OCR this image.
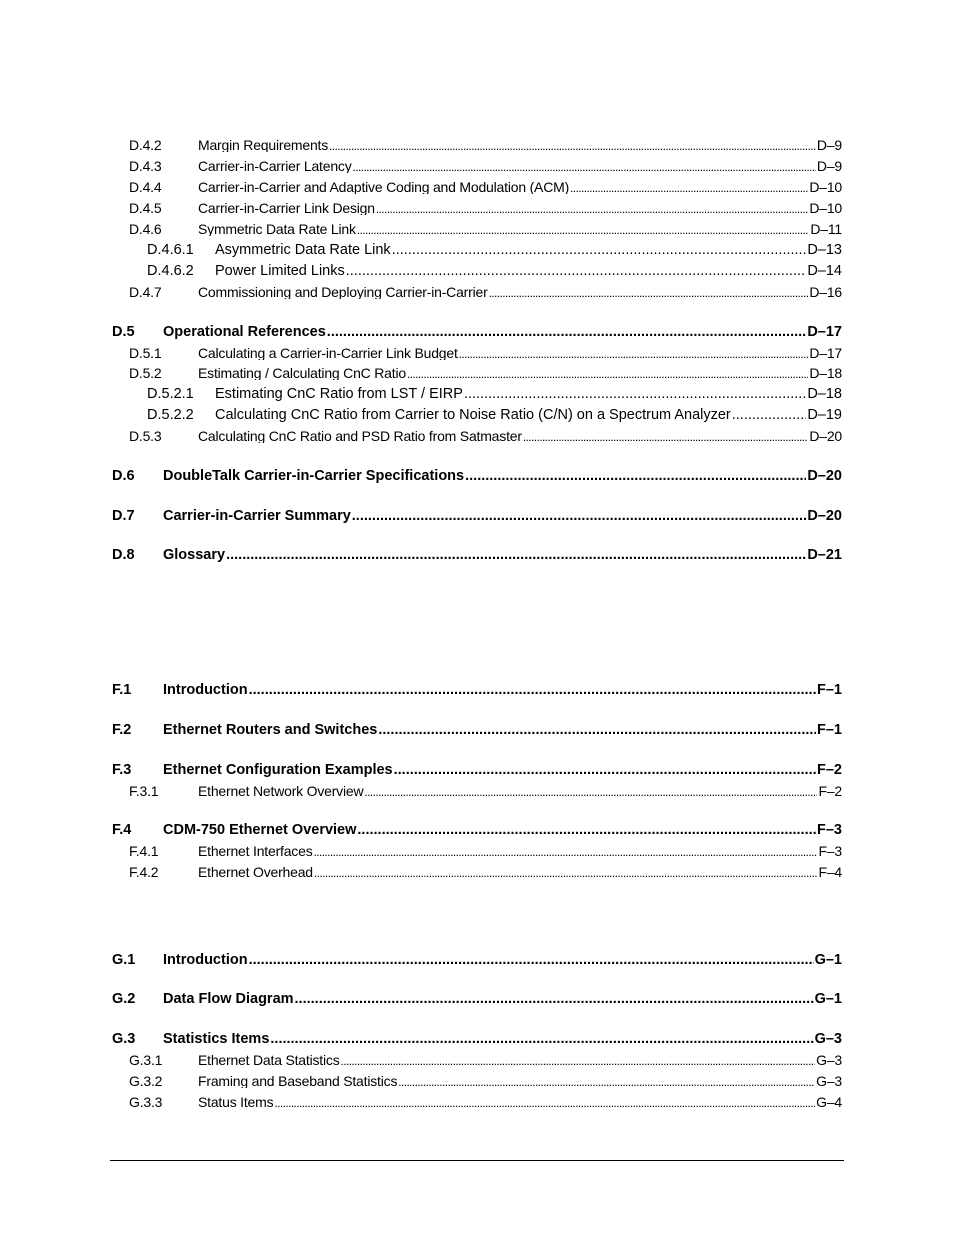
D.4.2	Margin Requirements .....	D–9
D.4.3	Carrier-in-Carrier Latency .....	D–9
D.4.4	Carrier-in-Carrier and Adaptive Coding and Modulation (ACM) .....	D–10
D.4.5	Carrier-in-Carrier Link Design .....	D–10
D.4.6	Symmetric Data Rate Link .....	D–11
D.4.6.1	Asymmetric Data Rate Link .....	D–13
D.4.6.2	Power Limited Links .....	D–14
D.4.7	Commissioning and Deploying Carrier-in-Carrier .....	D–16
D.5	Operational References .....	D–17
D.5.1	Calculating a Carrier-in-Carrier Link Budget .....	D–17
D.5.2	Estimating / Calculating CnC Ratio .....	D–18
D.5.2.1	Estimating CnC Ratio from LST / EIRP .....	D–18
D.5.2.2	Calculating CnC Ratio from Carrier to Noise Ratio (C/N) on a Spectrum Analyzer .....	D–19
D.5.3	Calculating CnC Ratio and PSD Ratio from Satmaster .....	D–20
D.6	DoubleTalk Carrier-in-Carrier Specifications .....	D–20
D.7	Carrier-in-Carrier Summary .....	D–20
D.8	Glossary .....	D–21
F.1	Introduction .....	F–1
F.2	Ethernet Routers and Switches .....	F–1
F.3	Ethernet Configuration Examples .....	F–2
F.3.1	Ethernet Network Overview .....	F–2
F.4	CDM-750 Ethernet Overview .....	F–3
F.4.1	Ethernet Interfaces .....	F–3
F.4.2	Ethernet Overhead .....	F–4
G.1	Introduction .....	G–1
G.2	Data Flow Diagram .....	G–1
G.3	Statistics Items .....	G–3
G.3.1	Ethernet Data Statistics .....	G–3
G.3.2	Framing and Baseband Statistics .....	G–3
G.3.3	Status Items .....	G–4
